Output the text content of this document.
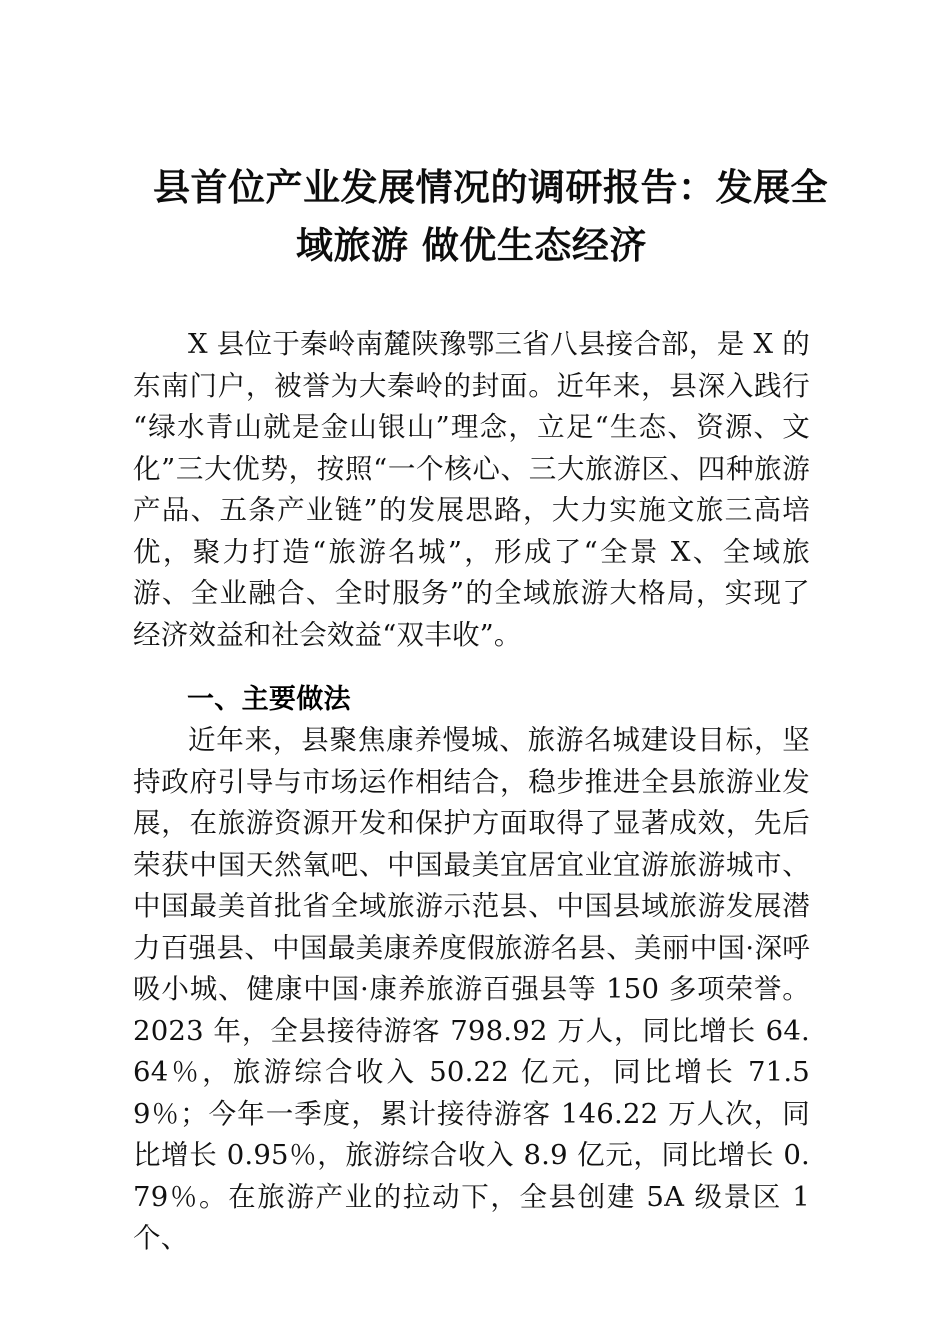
县首位产业发展情况的调研报告：发展全
域旅游 做优生态经济

X 县位于秦岭南麓陕豫鄂三省八县接合部，是 X 的东南门户，被誉为大秦岭的封面。近年来，县深入践行“绿水青山就是金山银山”理念，立足“生态、资源、文化”三大优势，按照“一个核心、三大旅游区、四种旅游产品、五条产业链”的发展思路，大力实施文旅三高培优，聚力打造“旅游名城”，形成了“全景 X、全域旅游、全业融合、全时服务”的全域旅游大格局，实现了经济效益和社会效益“双丰收”。

一、主要做法

近年来，县聚焦康养慢城、旅游名城建设目标，坚持政府引导与市场运作相结合，稳步推进全县旅游业发展，在旅游资源开发和保护方面取得了显著成效，先后荣获中国天然氧吧、中国最美宜居宜业宜游旅游城市、中国最美首批省全域旅游示范县、中国县域旅游发展潜力百强县、中国最美康养度假旅游名县、美丽中国·深呼吸小城、健康中国·康养旅游百强县等 150 多项荣誉。2023 年，全县接待游客 798.92 万人，同比增长 64.64％，旅游综合收入 50.22 亿元，同比增长 71.59％；今年一季度，累计接待游客 146.22 万人次，同比增长 0.95％，旅游综合收入 8.9 亿元，同比增长 0.79％。在旅游产业的拉动下，全县创建 5A 级景区 1 个、
